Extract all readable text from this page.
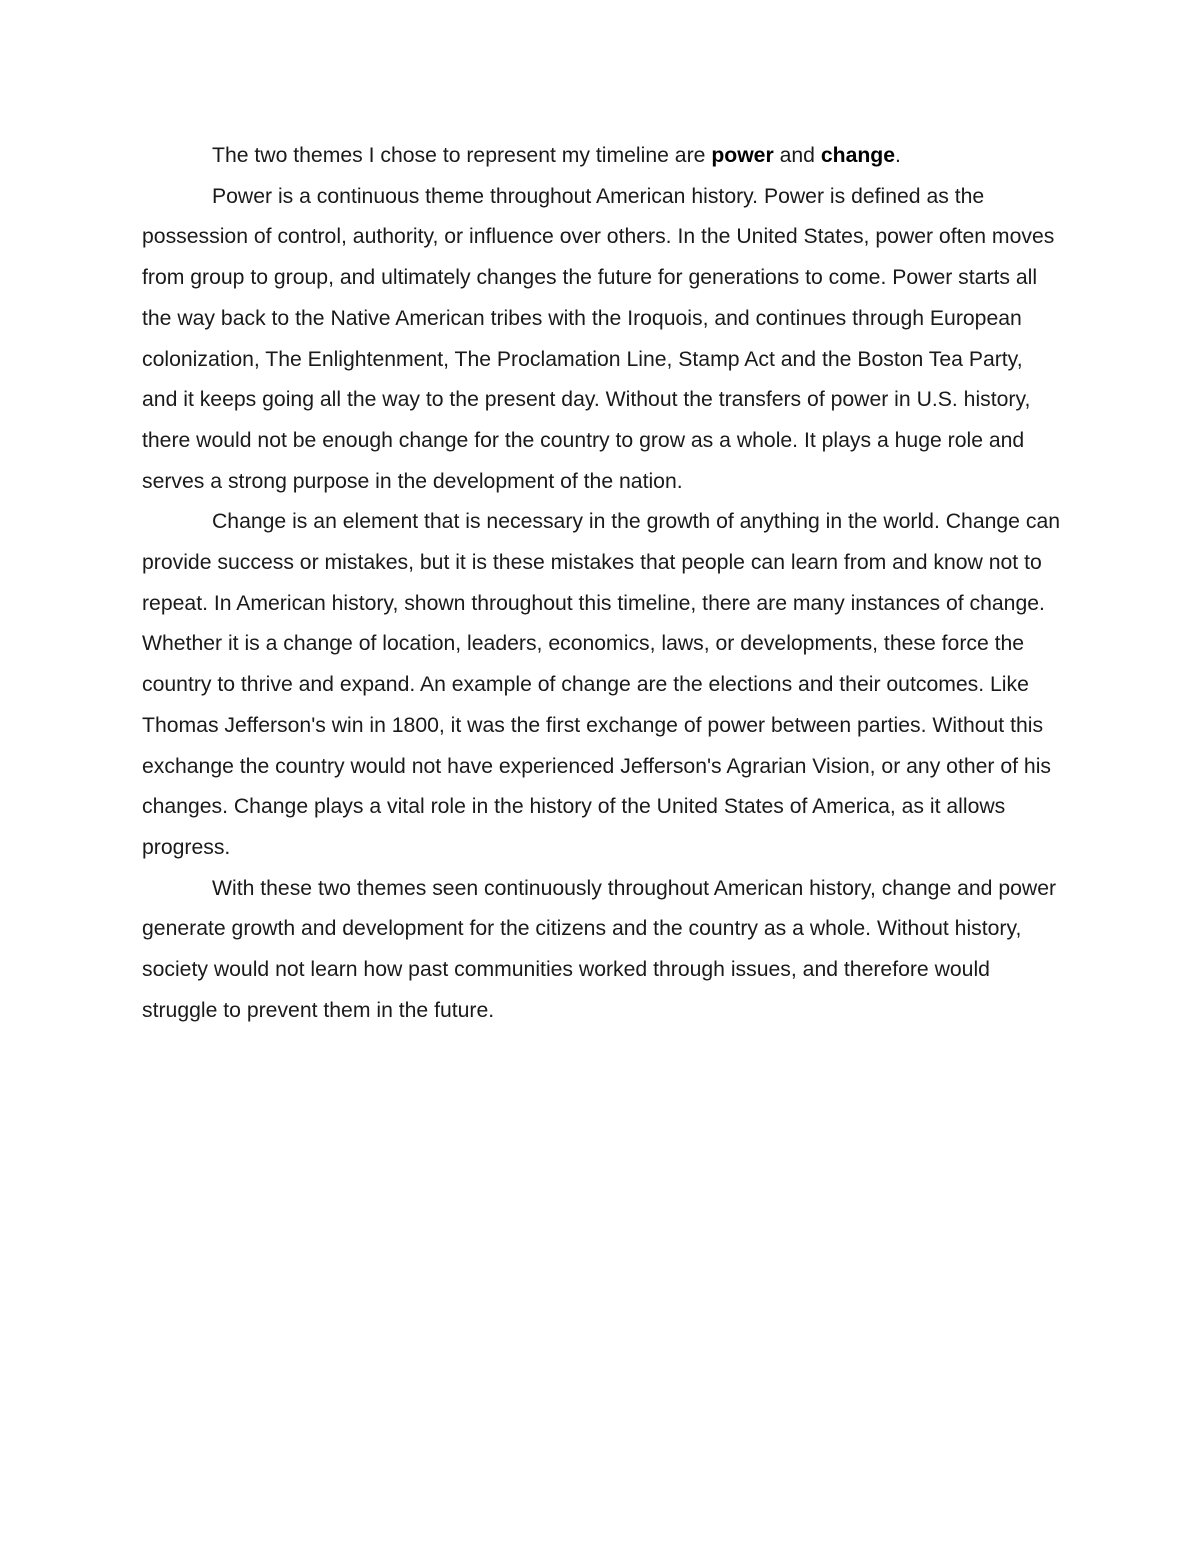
The two themes I chose to represent my timeline are power and change.

Power is a continuous theme throughout American history. Power is defined as the possession of control, authority, or influence over others. In the United States, power often moves from group to group, and ultimately changes the future for generations to come. Power starts all the way back to the Native American tribes with the Iroquois, and continues through European colonization, The Enlightenment, The Proclamation Line, Stamp Act and the Boston Tea Party, and it keeps going all the way to the present day. Without the transfers of power in U.S. history, there would not be enough change for the country to grow as a whole. It plays a huge role and serves a strong purpose in the development of the nation.

Change is an element that is necessary in the growth of anything in the world. Change can provide success or mistakes, but it is these mistakes that people can learn from and know not to repeat. In American history, shown throughout this timeline, there are many instances of change. Whether it is a change of location, leaders, economics, laws, or developments, these force the country to thrive and expand. An example of change are the elections and their outcomes. Like Thomas Jefferson's win in 1800, it was the first exchange of power between parties. Without this exchange the country would not have experienced Jefferson's Agrarian Vision, or any other of his changes. Change plays a vital role in the history of the United States of America, as it allows progress.

With these two themes seen continuously throughout American history, change and power generate growth and development for the citizens and the country as a whole. Without history, society would not learn how past communities worked through issues, and therefore would struggle to prevent them in the future.
